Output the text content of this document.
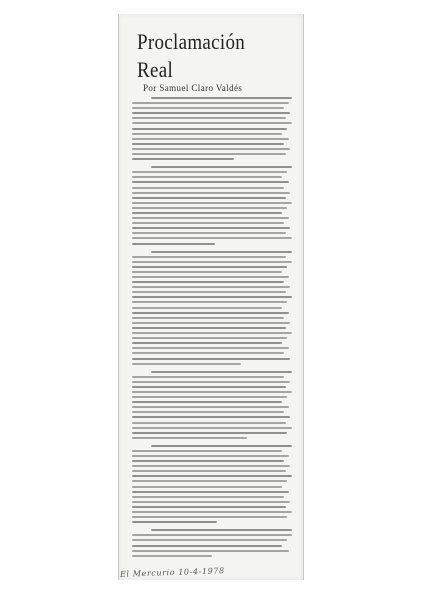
Proclamación
Real
Por Samuel Claro Valdés
El Mercurio 10-4-1978
